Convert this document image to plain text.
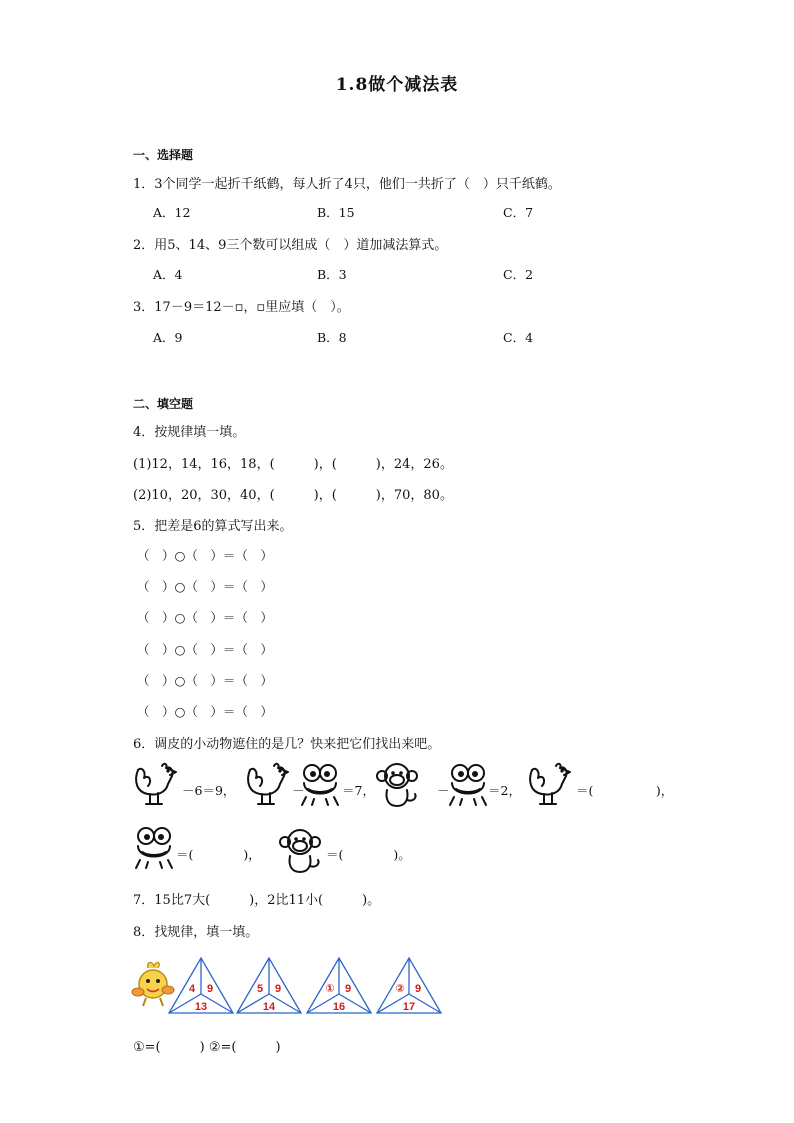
1.8做个减法表
一、选择题
1．3个同学一起折千纸鹤，每人折了4只，他们一共折了（　）只千纸鹤。
A．12	B．15	C．7
2．用5、14、9三个数可以组成（　）道加减法算式。
A．4	B．3	C．2
3．17－9＝12－▫，▫里应填（　）。
A．9	B．8	C．4
二、填空题
4．按规律填一填。
(1)12，14，16，18，(　　　)，(　　　)，24，26。
(2)10，20，30，40，(　　　)，(　　　)，70，80。
5．把差是6的算式写出来。
（　）○（　）＝（　）
（　）○（　）＝（　）
（　）○（　）＝（　）
（　）○（　）＝（　）
（　）○（　）＝（　）
（　）○（　）＝（　）
6．调皮的小动物遮住的是几？快来把它们找出来吧。
－6＝9，	－	＝7，	－	＝2，	＝(　　　　　)，
＝(　　　　)，	＝(　　　　)。
7．15比7大(　　　)，2比11小(　　　)。
8．找规律，填一填。
4 9
13
5 9
14
① 9
16
② 9
17
①=(　　　) ②=(　　　)
